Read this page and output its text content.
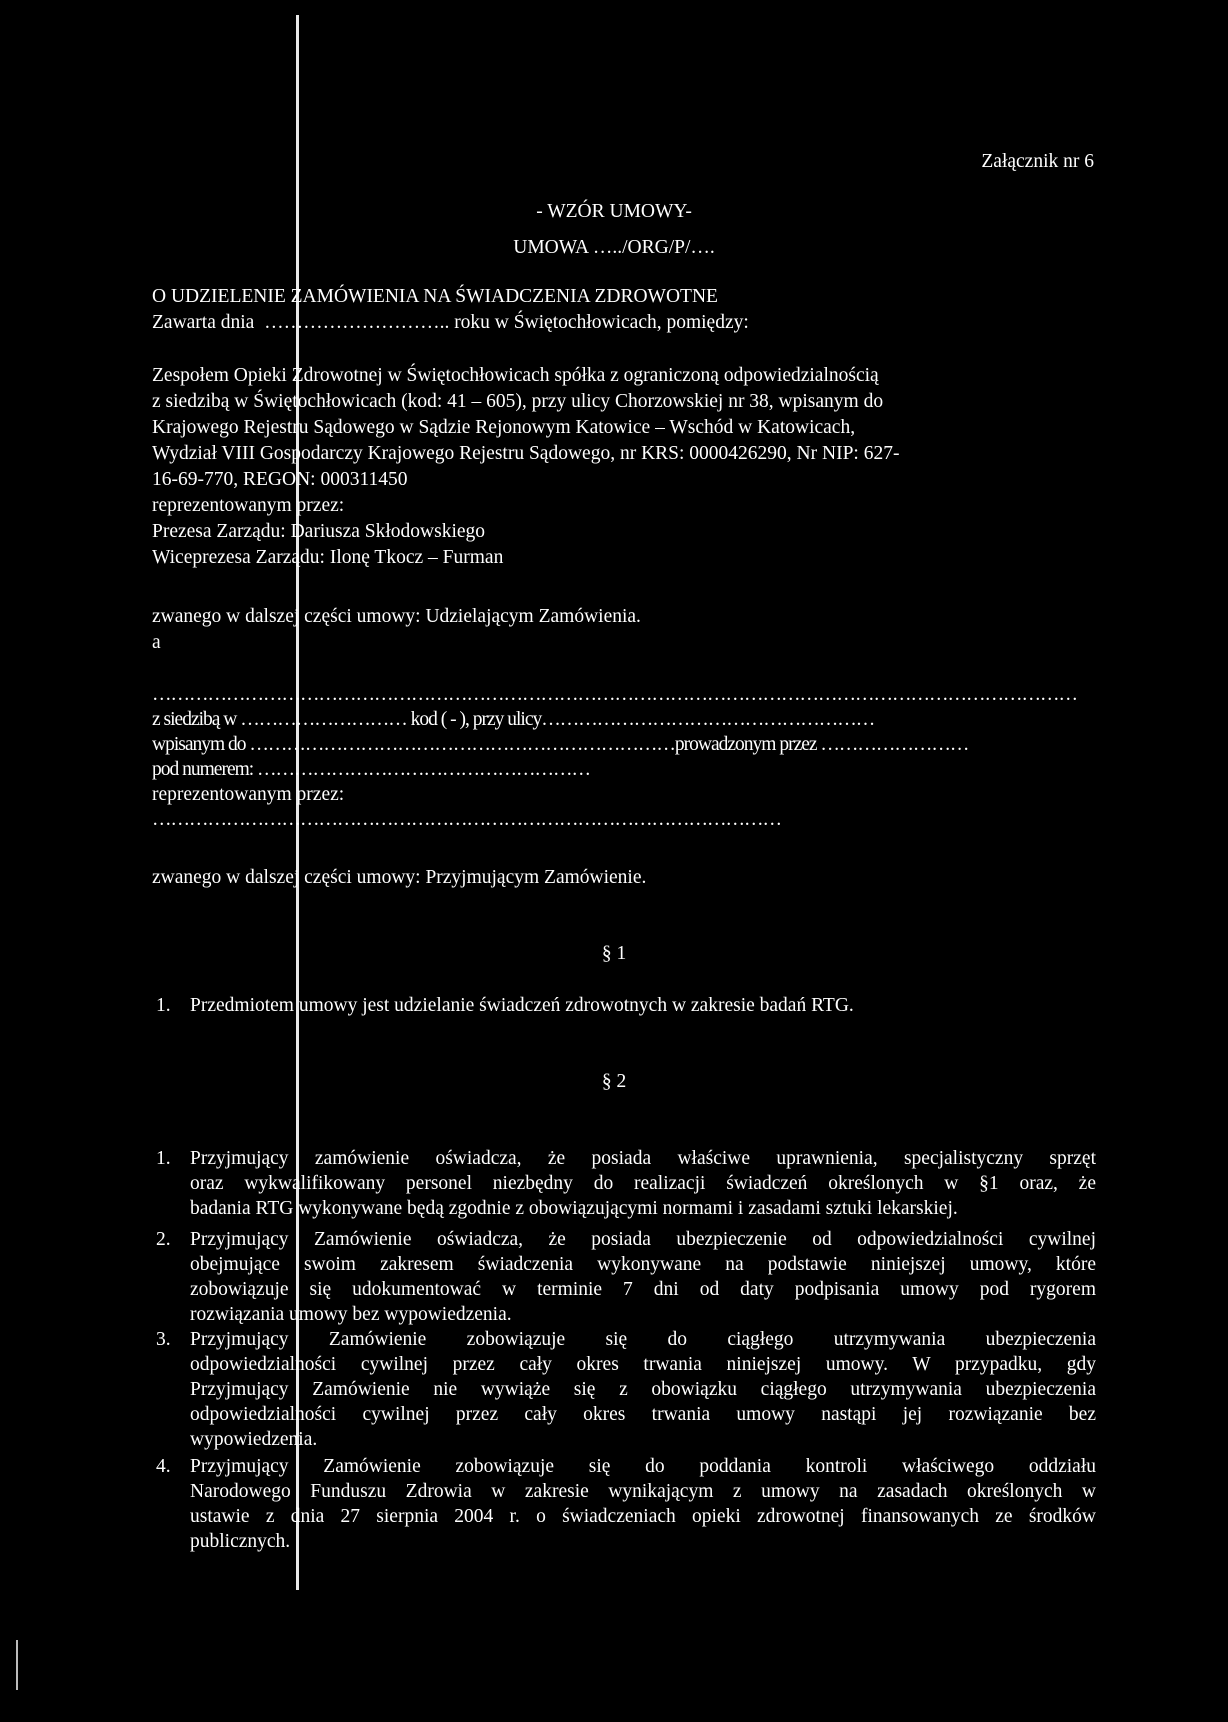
Załącznik nr 6
- WZÓR UMOWY-
UMOWA …../ORG/P/….
O UDZIELENIE ZAMÓWIENIA NA ŚWIADCZENIA ZDROWOTNE
Zawarta dnia  ……………………….. roku w Świętochłowicach, pomiędzy:
Zespołem Opieki Zdrowotnej w Świętochłowicach spółka z ograniczoną odpowiedzialnością
z siedzibą w Świętochłowicach (kod: 41 – 605), przy ulicy Chorzowskiej nr 38, wpisanym do
Krajowego Rejestru Sądowego w Sądzie Rejonowym Katowice – Wschód w Katowicach,
Wydział VIII Gospodarczy Krajowego Rejestru Sądowego, nr KRS: 0000426290, Nr NIP: 627-
16-69-770, REGON: 000311450
reprezentowanym przez:
Prezesa Zarządu: Dariusza Skłodowskiego
Wiceprezesa Zarządu: Ilonę Tkocz – Furman
zwanego w dalszej części umowy: Udzielającym Zamówienia.
a
……………………………………………………………………………………………………………………………………
z siedzibą w ……………………… kod ( - ), przy ulicy………………………………………………
wpisanym do ……………………………………………………………prowadzonym przez ……………………
pod numerem: ………………………………………………
reprezentowanym przez:
…………………………………………………………………………………………
zwanego w dalszej części umowy: Przyjmującym Zamówienie.
§ 1
1. Przedmiotem umowy jest udzielanie świadczeń zdrowotnych w zakresie badań RTG.
§ 2
1. Przyjmujący zamówienie oświadcza, że posiada właściwe uprawnienia, specjalistyczny sprzęt
oraz wykwalifikowany personel niezbędny do realizacji świadczeń określonych w §1 oraz, że
badania RTG wykonywane będą zgodnie z obowiązującymi normami i zasadami sztuki lekarskiej.
2. Przyjmujący Zamówienie oświadcza, że posiada ubezpieczenie od odpowiedzialności cywilnej
obejmujące swoim zakresem świadczenia wykonywane na podstawie niniejszej umowy, które
zobowiązuje się udokumentować w terminie 7 dni od daty podpisania umowy pod rygorem
rozwiązania umowy bez wypowiedzenia.
3. Przyjmujący Zamówienie zobowiązuje się do ciągłego utrzymywania ubezpieczenia
odpowiedzialności cywilnej przez cały okres trwania niniejszej umowy. W przypadku, gdy
Przyjmujący Zamówienie nie wywiąże się z obowiązku ciągłego utrzymywania ubezpieczenia
odpowiedzialności cywilnej przez cały okres trwania umowy nastąpi jej rozwiązanie bez
wypowiedzenia.
4. Przyjmujący Zamówienie zobowiązuje się do poddania kontroli właściwego oddziału
Narodowego Funduszu Zdrowia w zakresie wynikającym z umowy na zasadach określonych w
ustawie z dnia 27 sierpnia 2004 r. o świadczeniach opieki zdrowotnej finansowanych ze środków
publicznych.
